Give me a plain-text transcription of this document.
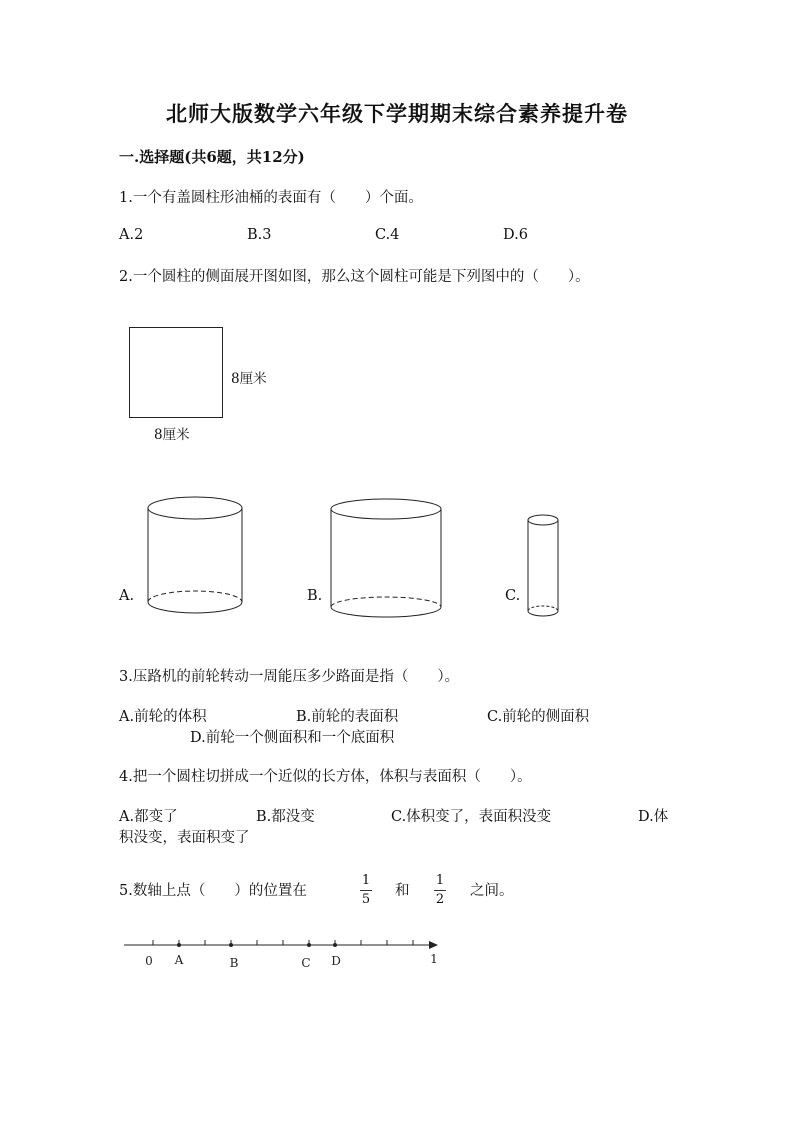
北师大版数学六年级下学期期末综合素养提升卷
一.选择题(共6题，共12分)
1.一个有盖圆柱形油桶的表面有（　　）个面。
A.2	B.3	C.4	D.6
2.一个圆柱的侧面展开图如图，那么这个圆柱可能是下列图中的（　　）。
8厘米
8厘米
A.	B.	C.
3.压路机的前轮转动一周能压多少路面是指（　　）。
A.前轮的体积	B.前轮的表面积	C.前轮的侧面积
D.前轮一个侧面积和一个底面积
4.把一个圆柱切拼成一个近似的长方体，体积与表面积（　　）。
A.都变了	B.都没变	C.体积变了，表面积没变	D.体
积没变，表面积变了
5.数轴上点（　　）的位置在
1
5
和
1
2
之间。
0 A	B	C D	1
